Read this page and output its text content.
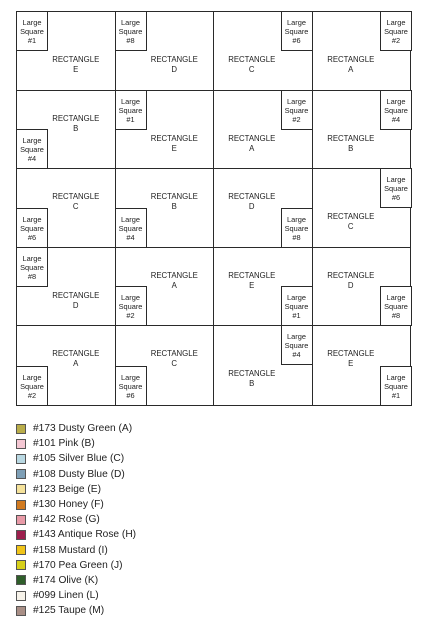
Large
Square
#1
RECTANGLE
E
Large
Square
#8
RECTANGLE
D
Large
Square
#6
RECTANGLE
C
Large
Square
#2
RECTANGLE
A
Large
Square
#4
RECTANGLE
B
Large
Square
#1
RECTANGLE
E
Large
Square
#2
RECTANGLE
A
Large
Square
#4
RECTANGLE
B
Large
Square
#6
RECTANGLE
C
Large
Square
#4
RECTANGLE
B
Large
Square
#8
RECTANGLE
D
Large
Square
#6
RECTANGLE
C
Large
Square
#8
RECTANGLE
D
Large
Square
#2
RECTANGLE
A
Large
Square
#1
RECTANGLE
E
Large
Square
#8
RECTANGLE
D
Large
Square
#2
RECTANGLE
A
Large
Square
#6
RECTANGLE
C
Large
Square
#4
RECTANGLE
B
Large
Square
#1
RECTANGLE
E
#173 Dusty Green (A)
#101 Pink (B)
#105 Silver Blue (C)
#108 Dusty Blue (D)
#123 Beige (E)
#130 Honey (F)
#142 Rose (G)
#143 Antique Rose (H)
#158 Mustard (I)
#170 Pea Green (J)
#174 Olive (K)
#099 Linen (L)
#125 Taupe (M)
